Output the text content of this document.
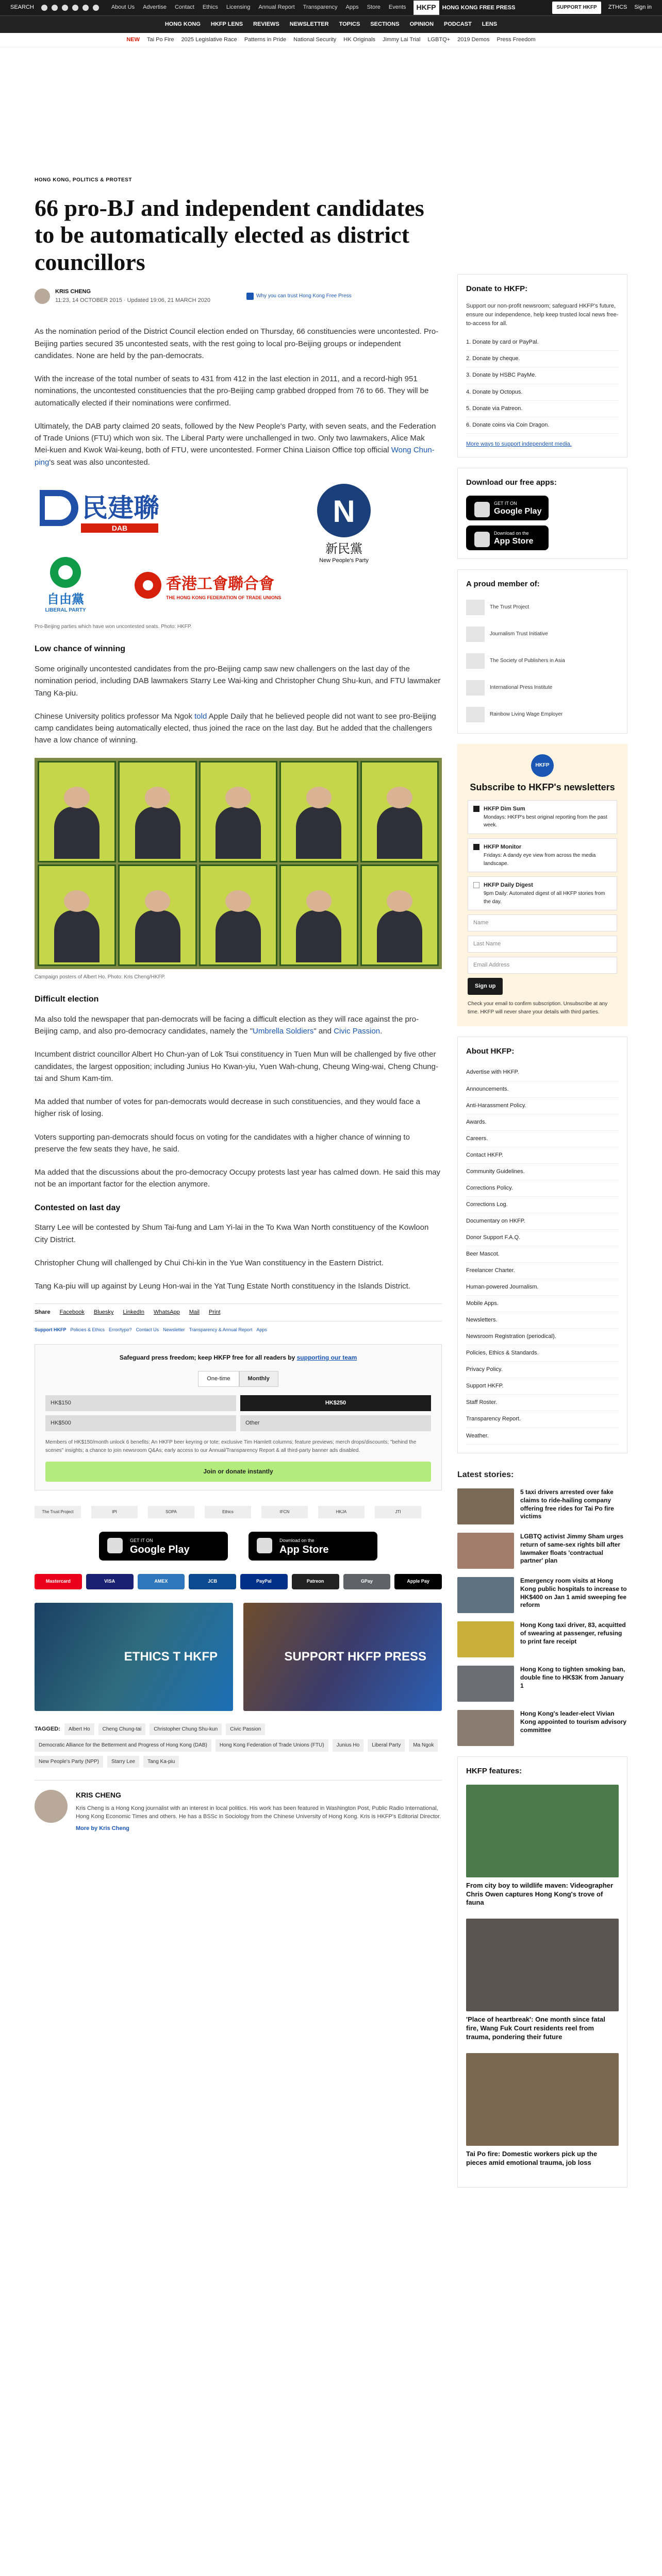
SEARCH	About Us Advertise Contact Ethics Licensing Annual Report Transparency Apps Store Events	HKFP	HONG KONG FREE PRESS	SUPPORT HKFP	ZTHCS Sign in
HONG KONG HKFP LENS REVIEWS NEWSLETTER TOPICS SECTIONS OPINION PODCAST LENS
NEW Tai Po Fire 2025 Legislative Race Patterns in Pride National Security HK Originals Jimmy Lai Trial LGBTQ+ 2019 Demos Press Freedom
HONG KONG, POLITICS & PROTEST
66 pro-BJ and independent candidates to be automatically elected as district councillors
KRIS CHENG
11:23, 14 OCTOBER 2015 · Updated 19:06, 21 MARCH 2020
Why you can trust Hong Kong Free Press

As the nomination period of the District Council election ended on Thursday, 66 constituencies were uncontested. Pro-Beijing parties secured 35 uncontested seats, with the rest going to local pro-Beijing groups or independent candidates. None are held by the pan-democrats.

With the increase of the total number of seats to 431 from 412 in the last election in 2011, and a record-high 951 nominations, the uncontested constituencies that the pro-Beijing camp grabbed dropped from 76 to 66. They will be automatically elected if their nominations were confirmed.

Ultimately, the DAB party claimed 20 seats, followed by the New People's Party, with seven seats, and the Federation of Trade Unions (FTU) which won six. The Liberal Party were unchallenged in two. Only two lawmakers, Alice Mak Mei-kuen and Kwok Wai-keung, both of FTU, were uncontested. Former China Liaison Office top official Wong Chun-ping's seat was also uncontested.

民建聯
DAB	N
新民黨
New People's Party
自由黨
LIBERAL PARTY
香港工會聯合會
THE HONG KONG FEDERATION OF TRADE UNIONS
Pro-Beijing parties which have won uncontested seats. Photo: HKFP.
Low chance of winning

Some originally uncontested candidates from the pro-Beijing camp saw new challengers on the last day of the nomination period, including DAB lawmakers Starry Lee Wai-king and Christopher Chung Shu-kun, and FTU lawmaker Tang Ka-piu.

Chinese University politics professor Ma Ngok told Apple Daily that he believed people did not want to see pro-Beijing camp candidates being automatically elected, thus joined the race on the last day. But he added that the challengers have a low chance of winning.

Campaign posters of Albert Ho. Photo: Kris Cheng/HKFP.
Difficult election

Ma also told the newspaper that pan-democrats will be facing a difficult election as they will race against the pro-Beijing camp, and also pro-democracy candidates, namely the "Umbrella Soldiers" and Civic Passion.

Incumbent district councillor Albert Ho Chun-yan of Lok Tsui constituency in Tuen Mun will be challenged by five other candidates, the largest opposition; including Junius Ho Kwan-yiu, Yuen Wah-chung, Cheung Wing-wai, Cheng Chung-tai and Shum Kam-tim.

Ma added that number of votes for pan-democrats would decrease in such constituencies, and they would face a higher risk of losing.

Voters supporting pan-democrats should focus on voting for the candidates with a higher chance of winning to preserve the few seats they have, he said.

Ma added that the discussions about the pro-democracy Occupy protests last year has calmed down. He said this may not be an important factor for the election anymore.

Contested on last day

Starry Lee will be contested by Shum Tai-fung and Lam Yi-lai in the To Kwa Wan North constituency of the Kowloon City District.

Christopher Chung will challenged by Chui Chi-kin in the Yue Wan constituency in the Eastern District.

Tang Ka-piu will up against by Leung Hon-wai in the Yat Tung Estate North constituency in the Islands District.

Share Facebook Bluesky LinkedIn WhatsApp Mail Print
Support HKFP Policies & Ethics Error/typo? Contact Us Newsletter Transparency & Annual Report Apps
Safeguard press freedom; keep HKFP free for all readers by supporting our team
One-time	Monthly
HK$150	HK$250
HK$500	Other
Members of HK$150/month unlock 6 benefits: An HKFP beer keyring or tote; exclusive Tim Hamlett columns; feature previews; merch drops/discounts; "behind the scenes" insights; a chance to join newsroom Q&As; early access to our Annual/Transparency Report & all third-party banner ads disabled.
Join or donate instantly
The Trust Project	IPI	SOPA	Ethics	IFCN	HKJA	JTI
GET IT ON
Google Play
Download on the
App Store
Mastercard	VISA	AMEX	JCB	PayPal	Patreon	GPay	Apple Pay
ETHICS T HKFP	SUPPORT HKFP PRESS
TAGGED:	Albert Ho	Cheng Chung-tai	Christopher Chung Shu-kun	Civic Passion
Democratic Alliance for the Betterment and Progress of Hong Kong (DAB)	Hong Kong Federation of Trade Unions (FTU)	Junius Ho	Liberal Party	Ma Ngok
New People's Party (NPP)	Starry Lee	Tang Ka-piu
KRIS CHENG

Kris Cheng is a Hong Kong journalist with an interest in local politics. His work has been featured in Washington Post, Public Radio International, Hong Kong Economic Times and others. He has a BSSc in Sociology from the Chinese University of Hong Kong. Kris is HKFP's Editorial Director.

More by Kris Cheng
Donate to HKFP:

Support our non-profit newsroom; safeguard HKFP's future, ensure our independence, help keep trusted local news free-to-access for all.

1. Donate by card or PayPal.
2. Donate by cheque.
3. Donate by HSBC PayMe.
4. Donate by Octopus.
5. Donate via Patreon.
6. Donate coins via Coin Dragon.
More ways to support independent media.
Download our free apps:
GET IT ON
Google Play
Download on the
App Store
A proud member of:
The Trust Project
Journalism Trust Initiative
The Society of Publishers in Asia
International Press Institute
Rainbow Living Wage Employer
HKFP
Subscribe to HKFP's newsletters
HKFP Dim Sum
Mondays: HKFP's best original reporting from the past week.
HKFP Monitor
Fridays: A dandy eye view from across the media landscape.
HKFP Daily Digest
9pm Daily: Automated digest of all HKFP stories from the day.
Name
Last Name
Email Address
Sign up

Check your email to confirm subscription. Unsubscribe at any time. HKFP will never share your details with third parties.

About HKFP:
Advertise with HKFP.
Announcements.
Anti-Harassment Policy.
Awards.
Careers.
Contact HKFP.
Community Guidelines.
Corrections Policy.
Corrections Log.
Documentary on HKFP.
Donor Support F.A.Q.
Beer Mascot.
Freelancer Charter.
Human-powered Journalism.
Mobile Apps.
Newsletters.
Newsroom Registration (periodical).
Policies, Ethics & Standards.
Privacy Policy.
Support HKFP.
Staff Roster.
Transparency Report.
Weather.
Latest stories:
5 taxi drivers arrested over fake claims to ride-hailing company offering free rides for Tai Po fire victims
LGBTQ activist Jimmy Sham urges return of same-sex rights bill after lawmaker floats 'contractual partner' plan
Emergency room visits at Hong Kong public hospitals to increase to HK$400 on Jan 1 amid sweeping fee reform
Hong Kong taxi driver, 83, acquitted of swearing at passenger, refusing to print fare receipt
Hong Kong to tighten smoking ban, double fine to HK$3K from January 1
Hong Kong's leader-elect Vivian Kong appointed to tourism advisory committee
HKFP features:
From city boy to wildlife maven: Videographer Chris Owen captures Hong Kong's trove of fauna
'Place of heartbreak': One month since fatal fire, Wang Fuk Court residents reel from trauma, pondering their future
Tai Po fire: Domestic workers pick up the pieces amid emotional trauma, job loss
